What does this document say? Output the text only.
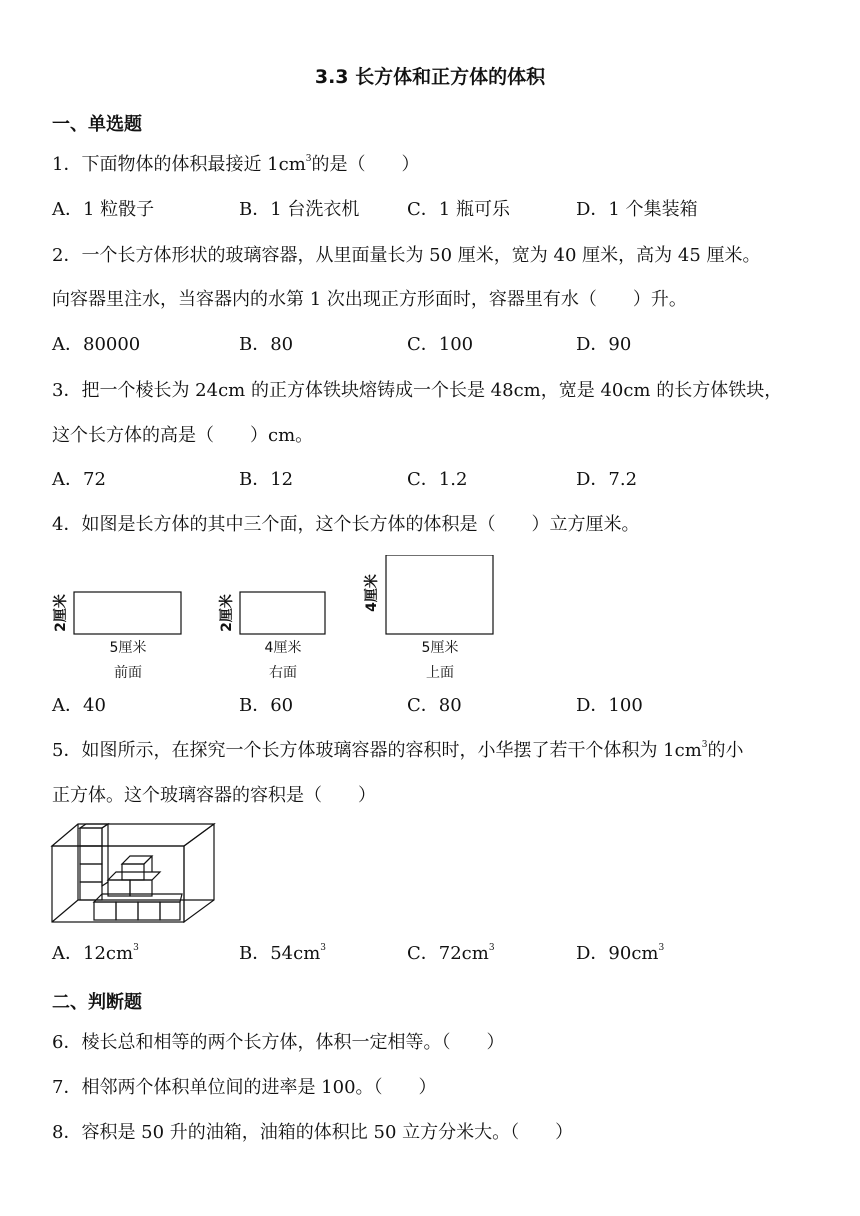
3.3 长方体和正方体的体积
一、单选题
1．下面物体的体积最接近 $1cm^3$的是（　　）
A．1 粒骰子	B．1 台洗衣机	C．1 瓶可乐	D．1 个集装箱
2．一个长方体形状的玻璃容器，从里面量长为 50 厘米，宽为 40 厘米，高为 45 厘米。
向容器里注水，当容器内的水第 1 次出现正方形面时，容器里有水（　　）升。
A．80000	B．80	C．100	D．90
3．把一个棱长为 24cm 的正方体铁块熔铸成一个长是 48cm，宽是 40cm 的长方体铁块，
这个长方体的高是（　　）cm。
A．72	B．12	C．1.2	D．7.2
4．如图是长方体的其中三个面，这个长方体的体积是（　　）立方厘米。
2厘米
5厘米
前面
2厘米
4厘米
右面
4厘米
5厘米
上面
A．40	B．60	C．80	D．100
5．如图所示，在探究一个长方体玻璃容器的容积时，小华摆了若干个体积为 $1cm^3$的小
正方体。这个玻璃容器的容积是（　　）
A．$12cm^3$	B．$54cm^3$	C．$72cm^3$	D．$90cm^3$
二、判断题
6．棱长总和相等的两个长方体，体积一定相等。（　　）
7．相邻两个体积单位间的进率是 100。（　　）
8．容积是 50 升的油箱，油箱的体积比 50 立方分米大。（　　）
